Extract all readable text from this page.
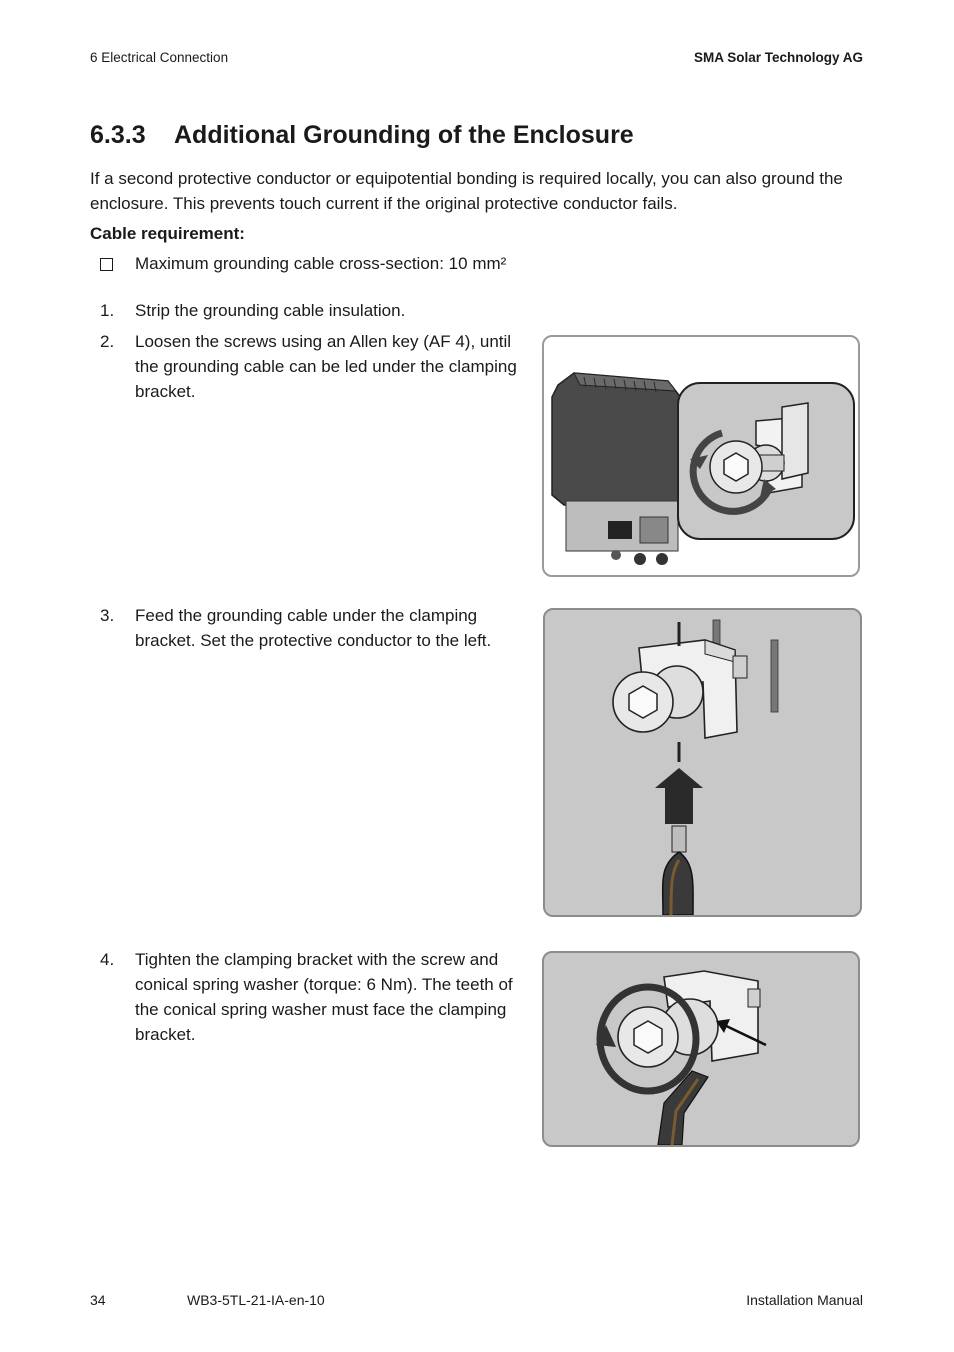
6 Electrical Connection	SMA Solar Technology AG
6.3.3 Additional Grounding of the Enclosure
If a second protective conductor or equipotential bonding is required locally, you can also ground the enclosure. This prevents touch current if the original protective conductor fails.
Cable requirement:
Maximum grounding cable cross-section: 10 mm²
1.	Strip the grounding cable insulation.
2.	Loosen the screws using an Allen key (AF 4), until the grounding cable can be led under the clamping bracket.
3.	Feed the grounding cable under the clamping bracket. Set the protective conductor to the left.
4.	Tighten the clamping bracket with the screw and conical spring washer (torque: 6 Nm). The teeth of the conical spring washer must face the clamping bracket.
34	WB3-5TL-21-IA-en-10	Installation Manual
